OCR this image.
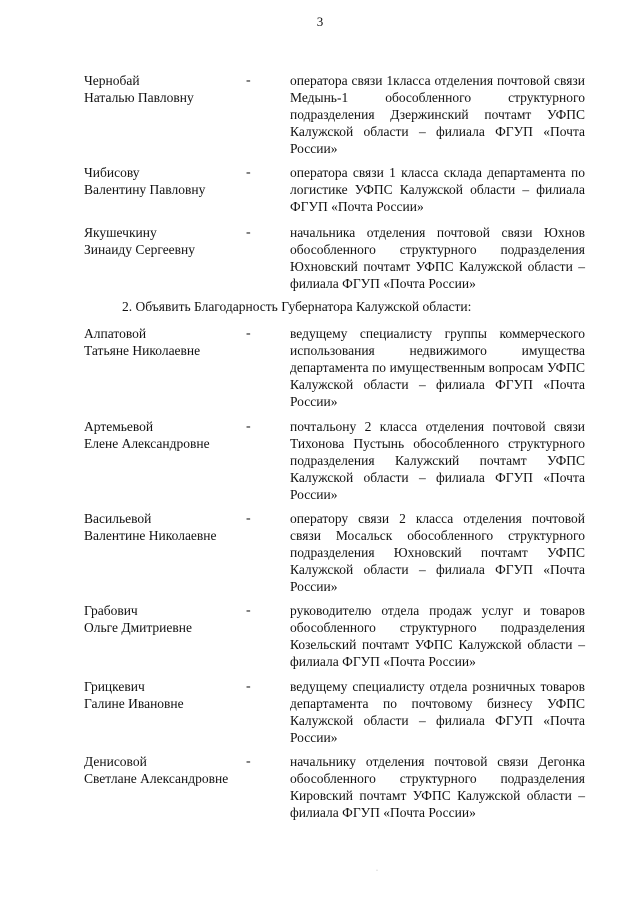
3
Чернобай
Наталью Павловну
-	оператора связи 1класса отделения почтовой связи Медынь-1 обособленного структурного подразделения Дзержинский почтамт УФПС Калужской области – филиала ФГУП «Почта России»
Чибисову
Валентину Павловну
-	оператора связи 1 класса склада департамента по логистике УФПС Калужской области – филиала ФГУП «Почта России»
Якушечкину
Зинаиду Сергеевну
-	начальника отделения почтовой связи Юхнов обособленного структурного подразделения Юхновский почтамт УФПС Калужской области – филиала ФГУП «Почта России»
2. Объявить Благодарность Губернатора Калужской области:
Алпатовой
Татьяне Николаевне
-	ведущему специалисту группы коммерческого использования недвижимого имущества департамента по имущественным вопросам УФПС Калужской области – филиала ФГУП «Почта России»
Артемьевой
Елене Александровне
-	почтальону 2 класса отделения почтовой связи Тихонова Пустынь обособленного структурного подразделения Калужский почтамт УФПС Калужской области – филиала ФГУП «Почта России»
Васильевой
Валентине Николаевне
-	оператору связи 2 класса отделения почтовой связи Мосальск обособленного структурного подразделения Юхновский почтамт УФПС Калужской области – филиала ФГУП «Почта России»
Грабович
Ольге Дмитриевне
-	руководителю отдела продаж услуг и товаров обособленного структурного подразделения Козельский почтамт УФПС Калужской области – филиала ФГУП «Почта России»
Грицкевич
Галине Ивановне
-	ведущему специалисту отдела розничных товаров департамента по почтовому бизнесу УФПС Калужской области – филиала ФГУП «Почта России»
Денисовой
Светлане Александровне
-	начальнику отделения почтовой связи Дегонка обособленного структурного подразделения Кировский почтамт УФПС Калужской области – филиала ФГУП «Почта России»
·
